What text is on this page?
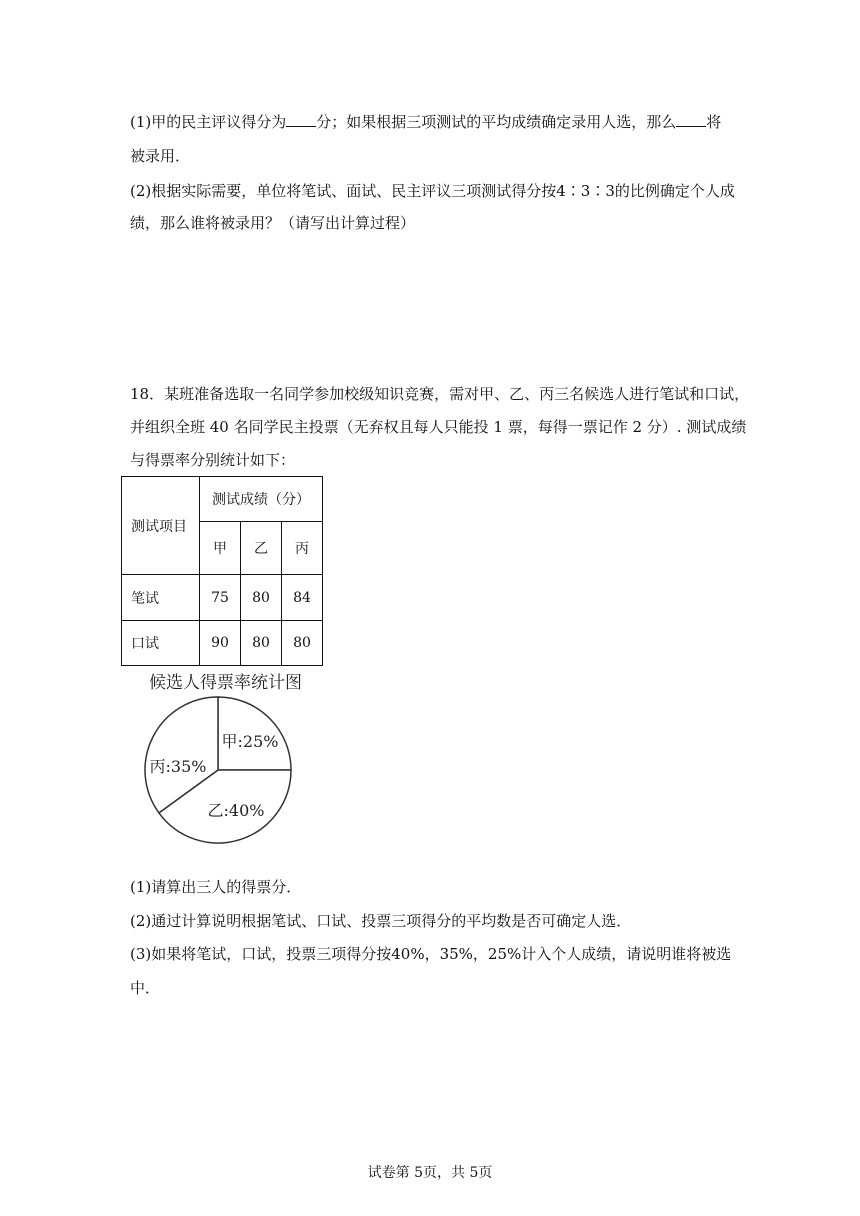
(1)甲的民主评议得分为 分；如果根据三项测试的平均成绩确定录用人选，那么 将
被录用．
(2)根据实际需要，单位将笔试、面试、民主评议三项测试得分按4∶3∶3的比例确定个人成
绩，那么谁将被录用？（请写出计算过程）
18．某班准备选取一名同学参加校级知识竞赛，需对甲、乙、丙三名候选人进行笔试和口试，
并组织全班 40 名同学民主投票（无弃权且每人只能投 1 票，每得一票记作 2 分）. 测试成绩
与得票率分别统计如下：
测试项目	测试成绩（分）		
	甲	乙	丙
笔试	75	80	84
口试	90	80	80
候选人得票率统计图
甲:25%
乙:40%
丙:35%
(1)请算出三人的得票分．
(2)通过计算说明根据笔试、口试、投票三项得分的平均数是否可确定人选．
(3)如果将笔试，口试，投票三项得分按40%，35%，25%计入个人成绩，请说明谁将被选
中．
试卷第 5页，共 5页
